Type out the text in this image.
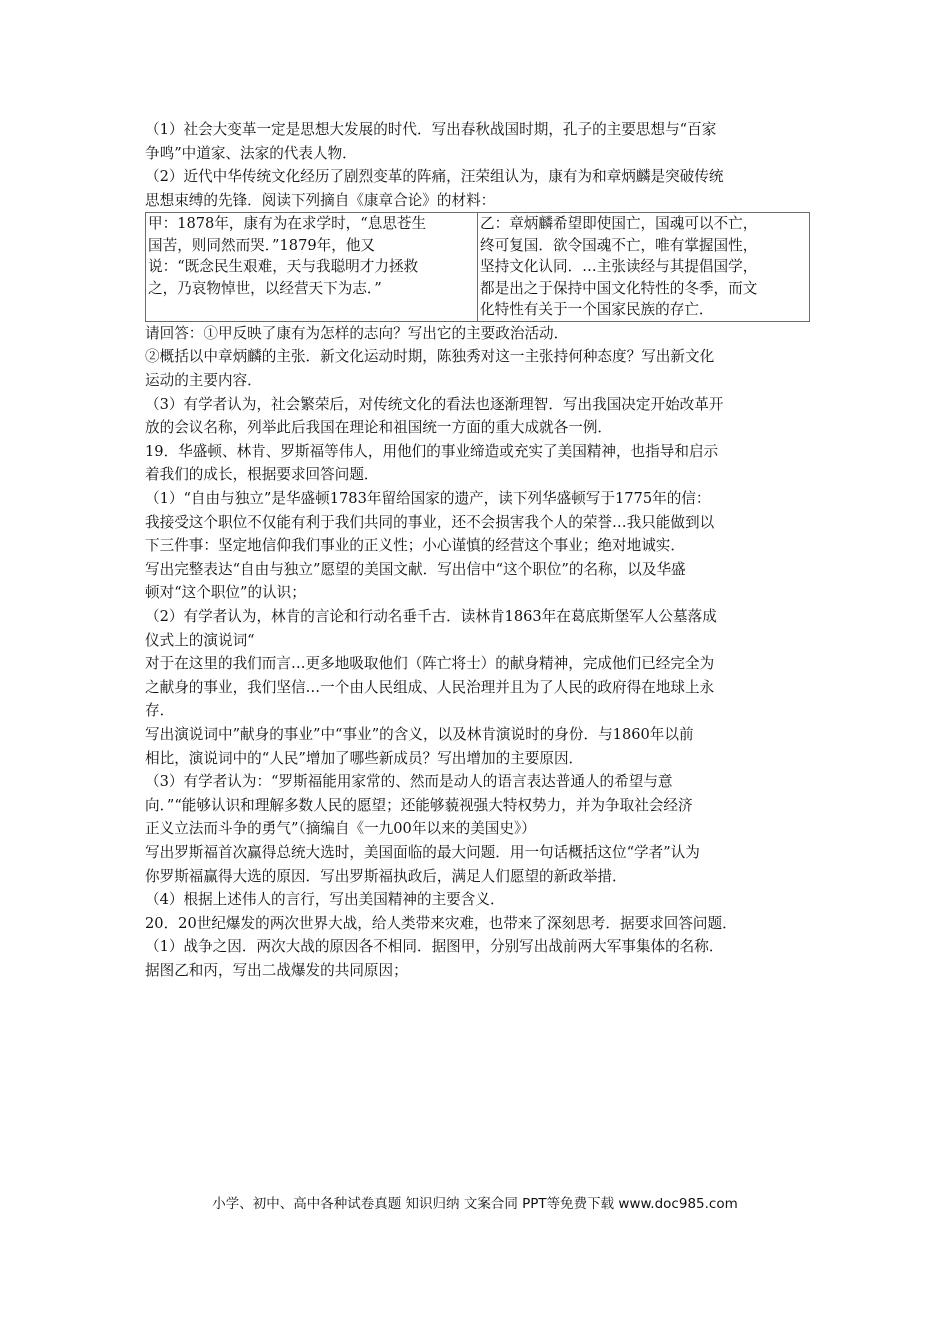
（1）社会大变革一定是思想大发展的时代．写出春秋战国时期，孔子的主要思想与“百家
争鸣”中道家、法家的代表人物．
（2）近代中华传统文化经历了剧烈变革的阵痛，汪荣组认为，康有为和章炳麟是突破传统
思想束缚的先锋．阅读下列摘自《康章合论》的材料：
甲：1878年，康有为在求学时，“息思苍生
国苦，则同然而哭．”1879年，他又
说：“既念民生艰难，天与我聪明才力拯救
之，乃哀物悼世，以经营天下为志．”

乙：章炳麟希望即使国亡，国魂可以不亡，
终可复国．欲令国魂不亡，唯有掌握国性，
坚持文化认同．…主张读经与其提倡国学，
都是出之于保持中国文化特性的冬季，而文
化特性有关于一个国家民族的存亡．
请回答：①甲反映了康有为怎样的志向？写出它的主要政治活动．
②概括以中章炳麟的主张．新文化运动时期，陈独秀对这一主张持何种态度？写出新文化
运动的主要内容．
（3）有学者认为，社会繁荣后，对传统文化的看法也逐渐理智．写出我国决定开始改革开
放的会议名称，列举此后我国在理论和祖国统一方面的重大成就各一例．
19．华盛顿、林肯、罗斯福等伟人，用他们的事业缔造或充实了美国精神，也指导和启示
着我们的成长，根据要求回答问题．
（1）“自由与独立”是华盛顿1783年留给国家的遗产，读下列华盛顿写于1775年的信：
我接受这个职位不仅能有利于我们共同的事业，还不会损害我个人的荣誉…我只能做到以
下三件事：坚定地信仰我们事业的正义性；小心谨慎的经营这个事业；绝对地诚实．
写出完整表达“自由与独立”愿望的美国文献．写出信中“这个职位”的名称，以及华盛
顿对“这个职位”的认识；
（2）有学者认为，林肯的言论和行动名垂千古．读林肯1863年在葛底斯堡军人公墓落成
仪式上的演说词“
对于在这里的我们而言…更多地吸取他们（阵亡将士）的献身精神，完成他们已经完全为
之献身的事业，我们坚信…一个由人民组成、人民治理并且为了人民的政府得在地球上永
存．
写出演说词中”献身的事业”中“事业”的含义，以及林肯演说时的身份．与1860年以前
相比，演说词中的“人民”增加了哪些新成员？写出增加的主要原因．
（3）有学者认为：“罗斯福能用家常的、然而是动人的语言表达普通人的希望与意
向．”“能够认识和理解多数人民的愿望；还能够藐视强大特权势力，并为争取社会经济
正义立法而斗争的勇气”（摘编自《一九00年以来的美国史》）
写出罗斯福首次赢得总统大选时，美国面临的最大问题．用一句话概括这位“学者”认为
你罗斯福赢得大选的原因．写出罗斯福执政后，满足人们愿望的新政举措．
（4）根据上述伟人的言行，写出美国精神的主要含义．
20．20世纪爆发的两次世界大战，给人类带来灾难，也带来了深刻思考．据要求回答问题．
（1）战争之因．两次大战的原因各不相同．据图甲，分别写出战前两大军事集体的名称．
据图乙和丙，写出二战爆发的共同原因；
小学、初中、高中各种试卷真题 知识归纳 文案合同 PPT等免费下载 www.doc985.com
